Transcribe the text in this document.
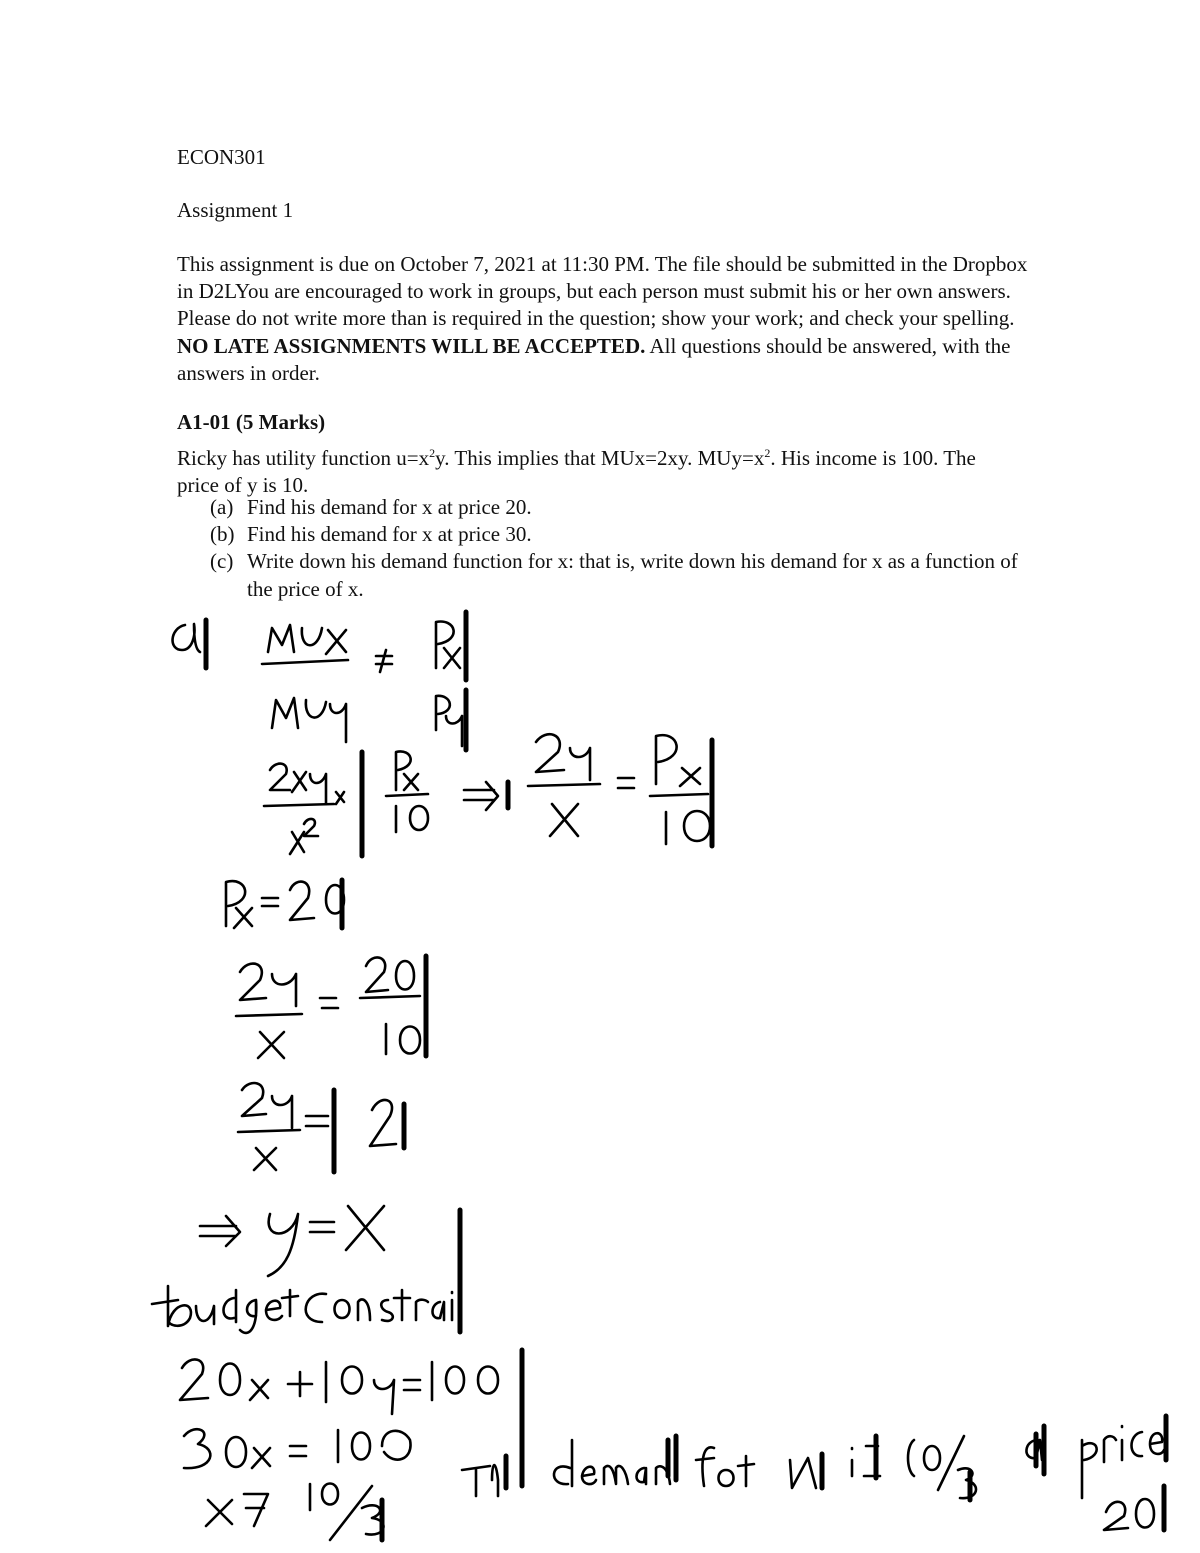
ECON301
Assignment 1

This assignment is due on October 7, 2021 at 11:30 PM. The file should be submitted in the Dropbox in D2LYou are encouraged to work in groups, but each person must submit his or her own answers. Please do not write more than is required in the question; show your work; and check your spelling. NO LATE ASSIGNMENTS WILL BE ACCEPTED. All questions should be answered, with the answers in order.

A1-01 (5 Marks)
Ricky has utility function $u=x^2y$. This implies that MUx=2xy. $MUy=x^2$. His income is 100. The price of y is 10.
(a) Find his demand for x at price 20.
(b) Find his demand for x at price 30.
(c) Write down his demand function for x: that is, write down his demand for x as a function of the price of x.
